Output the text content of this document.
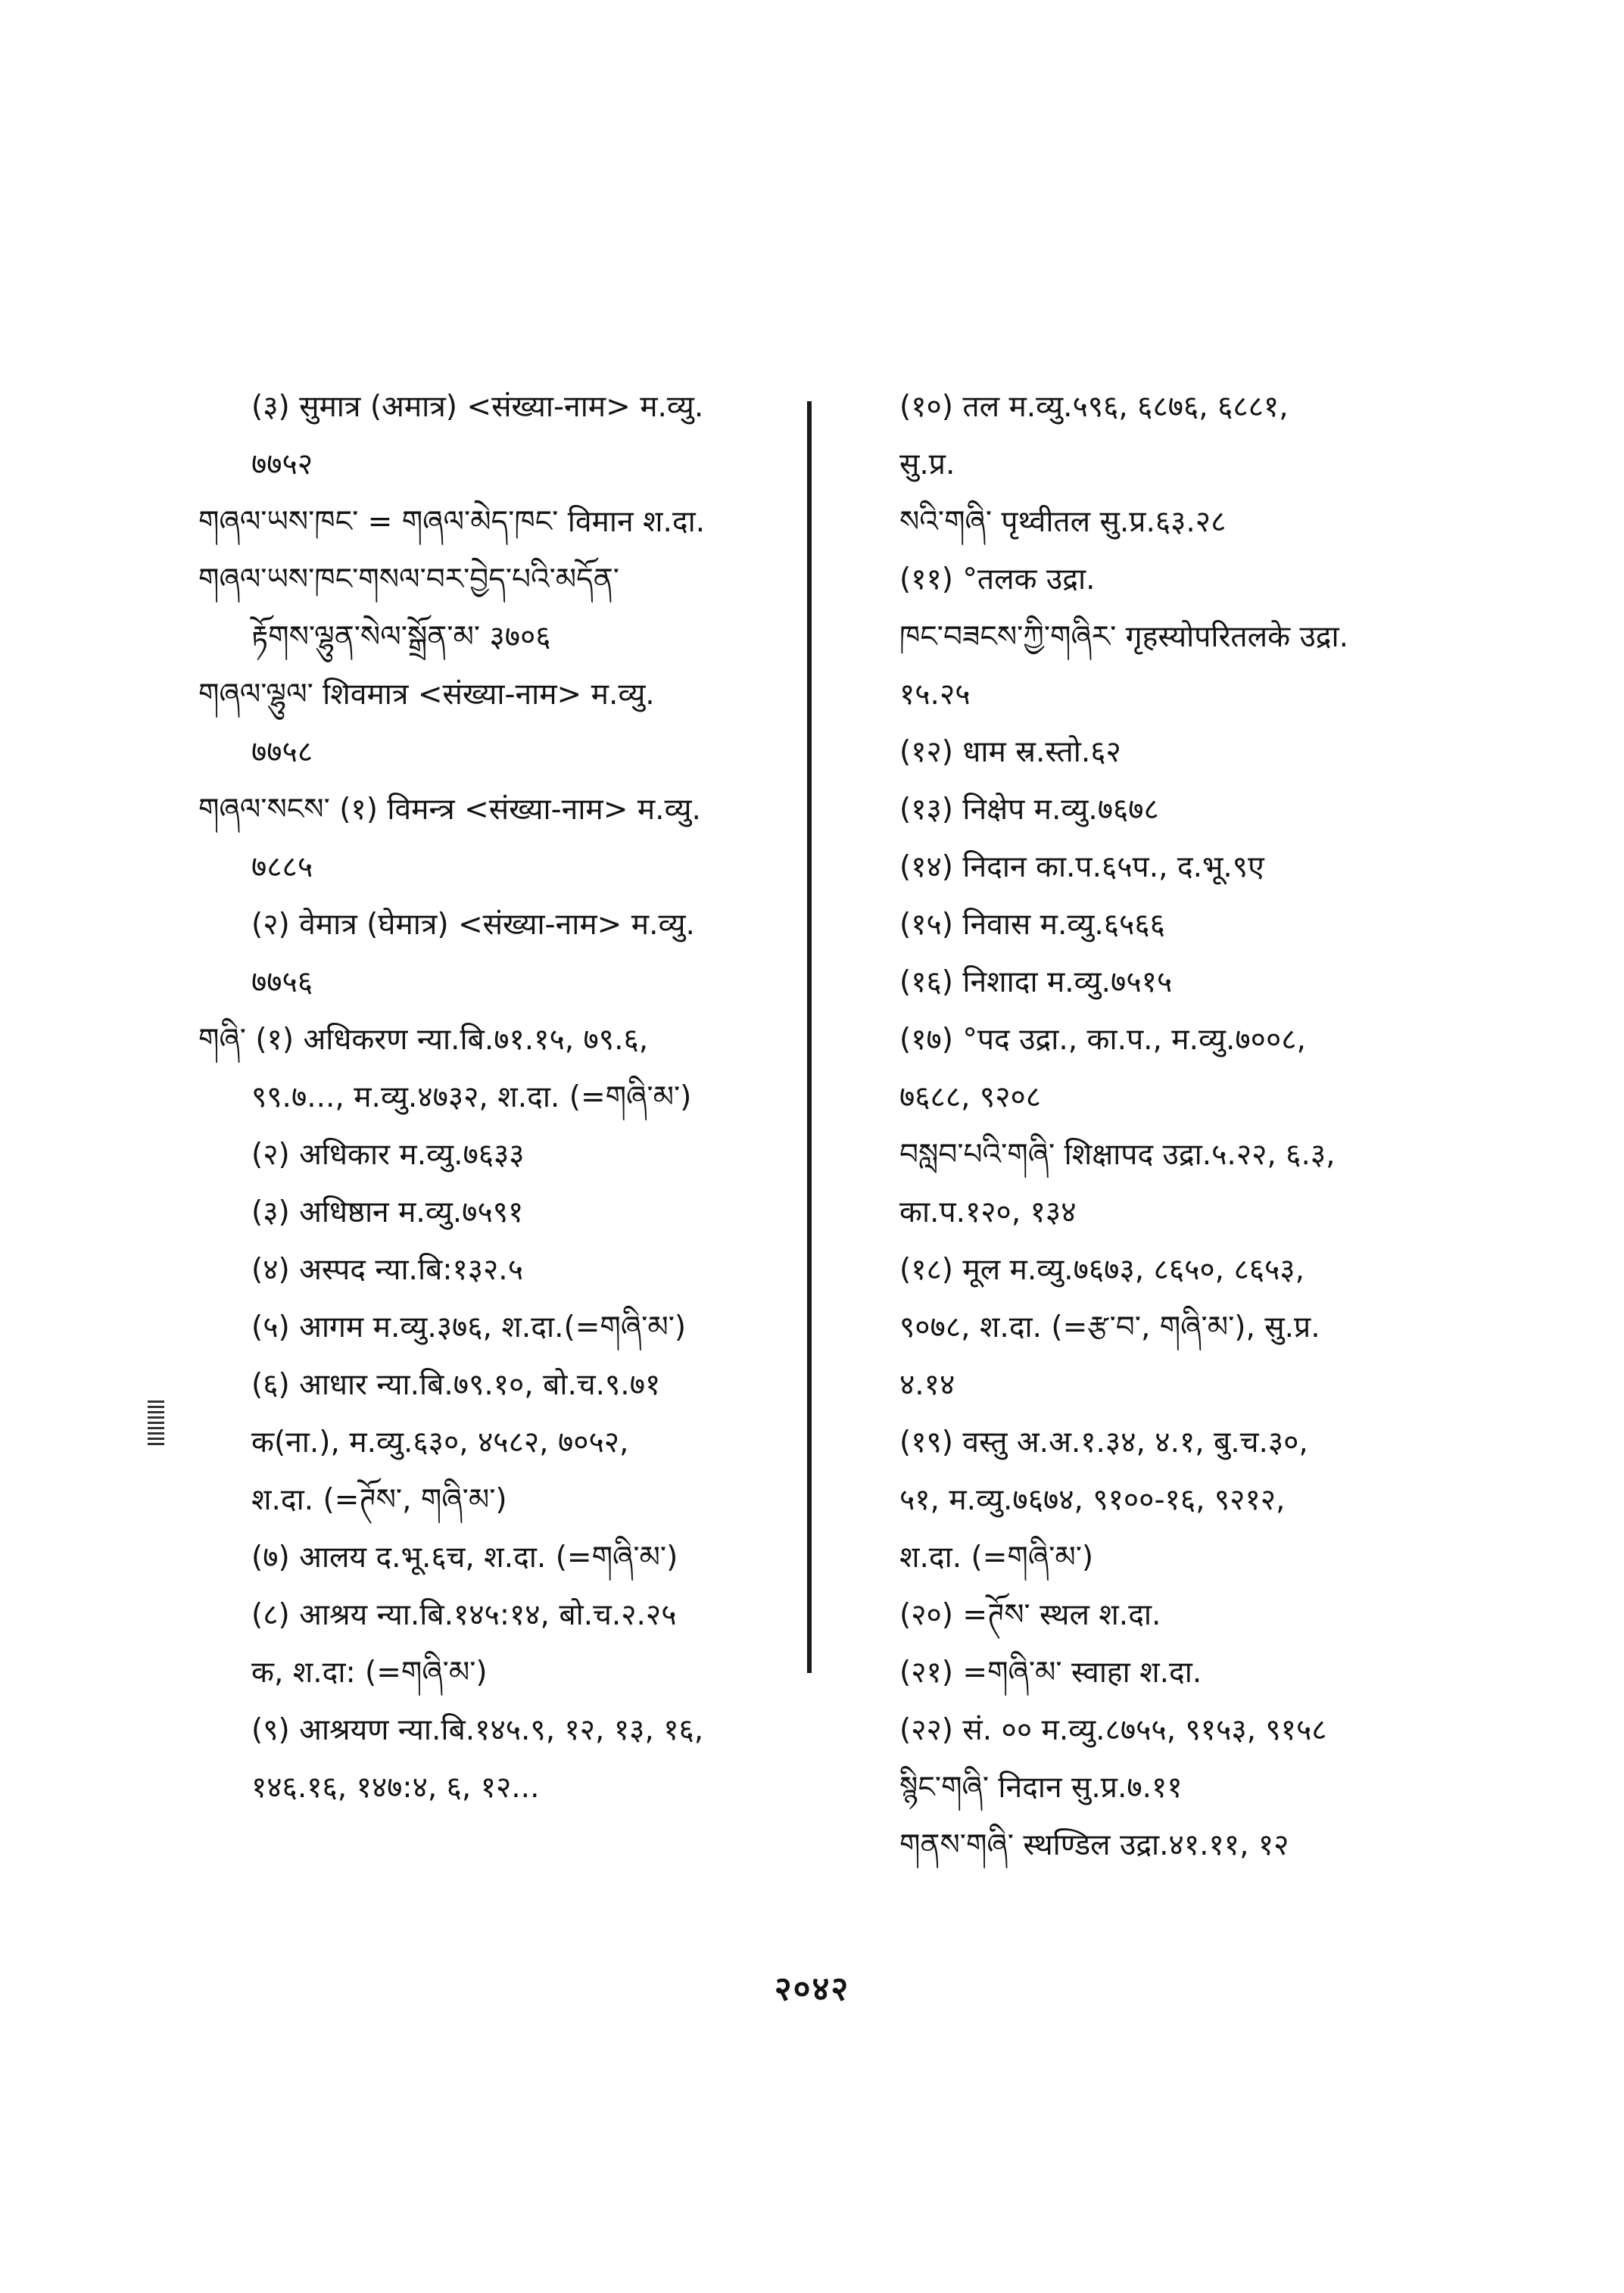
(३) सुमात्र (अमात्र) <संख्या-नाम> म.व्यु.
७७५२
གཞལ་ཡས་ཁང་ = གཞལ་མེད་ཁང་ विमान श.दा.
གཞལ་ཡས་ཁང་གསལ་བར་བྱེད་པའི་མདོན་
རྟོགས་ལྷུན་སེལ་སྒྲོན་མ་ ३७०६
གཞལ་ལྷུལ་ शिवमात्र <संख्या-नाम> म.व्यु.
७७५८
གཞལ་སངས་ (१) विमन्त्र <संख्या-नाम> म.व्यु.
७८८५
(२) वेमात्र (घेमात्र) <संख्या-नाम> म.व्यु.
७७५६
གཞི་ (१) अधिकरण न्या.बि.७१.१५, ७९.६,
९९.७..., म.व्यु.४७३२, श.दा. (=གཞི་མ་)
(२) अधिकार म.व्यु.७६३३
(३) अधिष्ठान म.व्यु.७५९१
(४) अस्पद न्या.बि:१३२.५
(५) आगम म.व्यु.३७६, श.दा.(=གཞི་མ་)
(६) आधार न्या.बि.७९.१०, बो.च.९.७१
क(ना.), म.व्यु.६३०, ४५८२, ७०५२,
श.दा. (=ཊོས་, གཞི་མ་)
(७) आलय द.भू.६च, श.दा. (=གཞི་མ་)
(८) आश्रय न्या.बि.१४५:१४, बो.च.२.२५
क, श.दा: (=གཞི་མ་)
(९) आश्रयण न्या.बि.१४५.९, १२, १३, १६,
१४६.१६, १४७:४, ६, १२...
(१०) तल म.व्यु.५९६, ६८७६, ६८८१,
सु.प्र.
སའི་གཞི་ पृथ्वीतल सु.प्र.६३.२८
(११) °तलक उद्रा.
ཁང་བཟངས་ཀྱི་གཞིར་ गृहस्योपरितलके उद्रा.
१५.२५
(१२) धाम स्र.स्तो.६२
(१३) निक्षेप म.व्यु.७६७८
(१४) निदान का.प.६५प., द.भू.९ए
(१५) निवास म.व्यु.६५६६
(१६) निशादा म.व्यु.७५१५
(१७) °पद उद्रा., का.प., म.व्यु.७००८,
७६८८, ९२०८
བསླབ་པའི་གཞི་ शिक्षापद उद्रा.५.२२, ६.३,
का.प.१२०, १३४
(१८) मूल म.व्यु.७६७३, ८६५०, ८६५३,
९०७८, श.दा. (=རྩ་བ་, གཞི་མ་), सु.प्र.
४.१४
(१९) वस्तु अ.अ.१.३४, ४.१, बु.च.३०,
५१, म.व्यु.७६७४, ९१००-१६, ९२१२,
श.दा. (=གཞི་མ་)
(२०) =ཊོས་ स्थल श.दा.
(२१) =གཞི་མ་ स्वाहा श.दा.
(२२) सं. ०० म.व्यु.८७५५, ९१५३, ९१५८
སྙིང་གཞི་ निदान सु.प्र.७.११
གནས་གཞི་ स्थण्डिल उद्रा.४१.११, १२
२०४२
